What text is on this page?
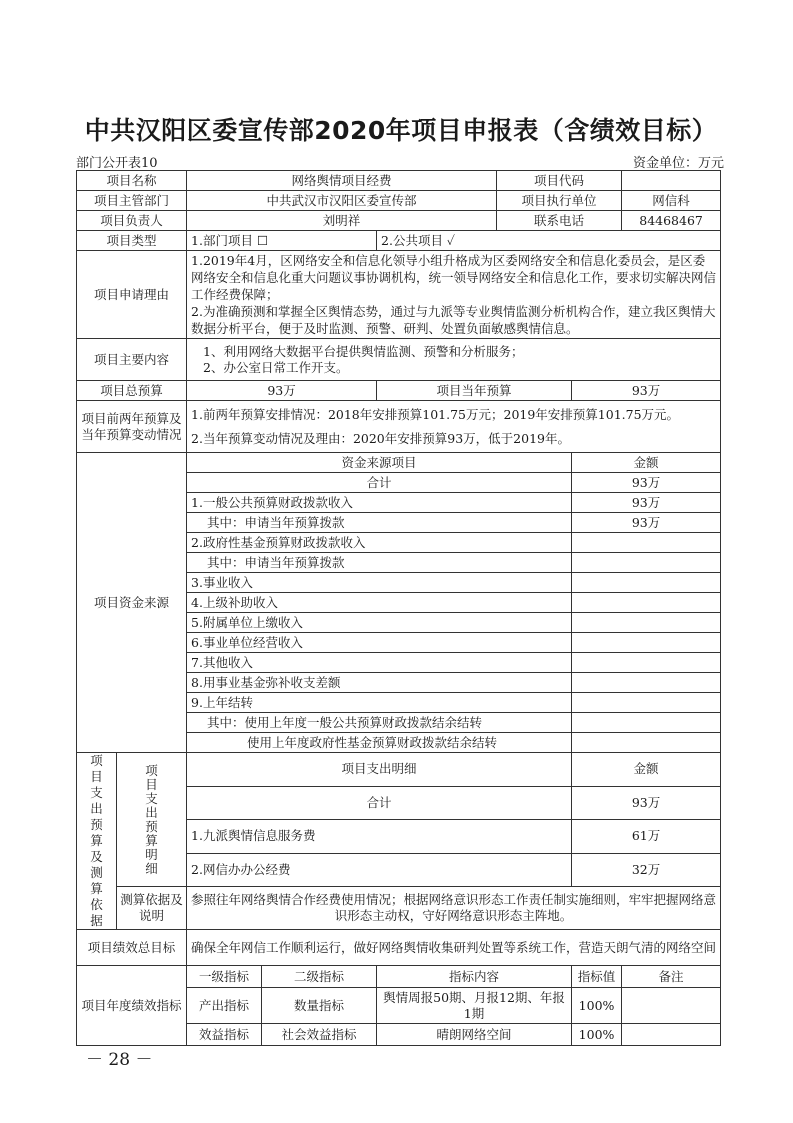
中共汉阳区委宣传部2020年项目申报表（含绩效目标）
部门公开表10	资金单位：万元
项目名称		网络舆情项目经费			项目代码		
项目主管部门		中共武汉市汉阳区委宣传部			项目执行单位		网信科
项目负责人		刘明祥			联系电话		84468467
项目类型		1.部门项目 ☐		2.公共项目 ✓			
项目申请理由		1.2019年4月，区网络安全和信息化领导小组升格成为区委网络安全和信息化委员会，是区委网络安全和信息化重大问题议事协调机构，统一领导网络安全和信息化工作，要求切实解决网信工作经费保障；
2.为准确预测和掌握全区舆情态势，通过与九派等专业舆情监测分析机构合作，建立我区舆情大数据分析平台，便于及时监测、预警、研判、处置负面敏感舆情信息。					

项目主要内容		1、利用网络大数据平台提供舆情监测、预警和分析服务；
2、办公室日常工作开支。					

项目总预算		93万		项目当年预算		93万	
项目前两年预算及当年预算变动情况		1.前两年预算安排情况：2018年安排预算101.75万元；2019年安排预算101.75万元。
2.当年预算变动情况及理由：2020年安排预算93万，低于2019年。					

项目资金来源		资金来源项目				金额	
		合计				93万	
		1.一般公共预算财政拨款收入				93万	
		其中：申请当年预算拨款				93万	
		2.政府性基金预算财政拨款收入					
		其中：申请当年预算拨款					
		3.事业收入					
		4.上级补助收入					
		5.附属单位上缴收入					
		6.事业单位经营收入					
		7.其他收入					
		8.用事业基金弥补收支差额					
		9.上年结转					
		其中：使用上年度一般公共预算财政拨款结余结转					
		使用上年度政府性基金预算财政拨款结余结转					

项目支出预算及测算依据	项目支出预算明细	项目支出明细				金额	
		合计				93万	
		1.九派舆情信息服务费				61万	
		2.网信办办公经费				32万	
	测算依据及说明	参照往年网络舆情合作经费使用情况；根据网络意识形态工作责任制实施细则，牢牢把握网络意识形态主动权，守好网络意识形态主阵地。					
项目绩效总目标		确保全年网信工作顺利运行，做好网络舆情收集研判处置等系统工作，营造天朗气清的网络空间					
项目年度绩效指标		一级指标	二级指标	指标内容		指标值	备注
		产出指标	数量指标	舆情周报50期、月报12期、年报1期		100%	
		效益指标	社会效益指标	晴朗网络空间		100%	
－ 28 －
